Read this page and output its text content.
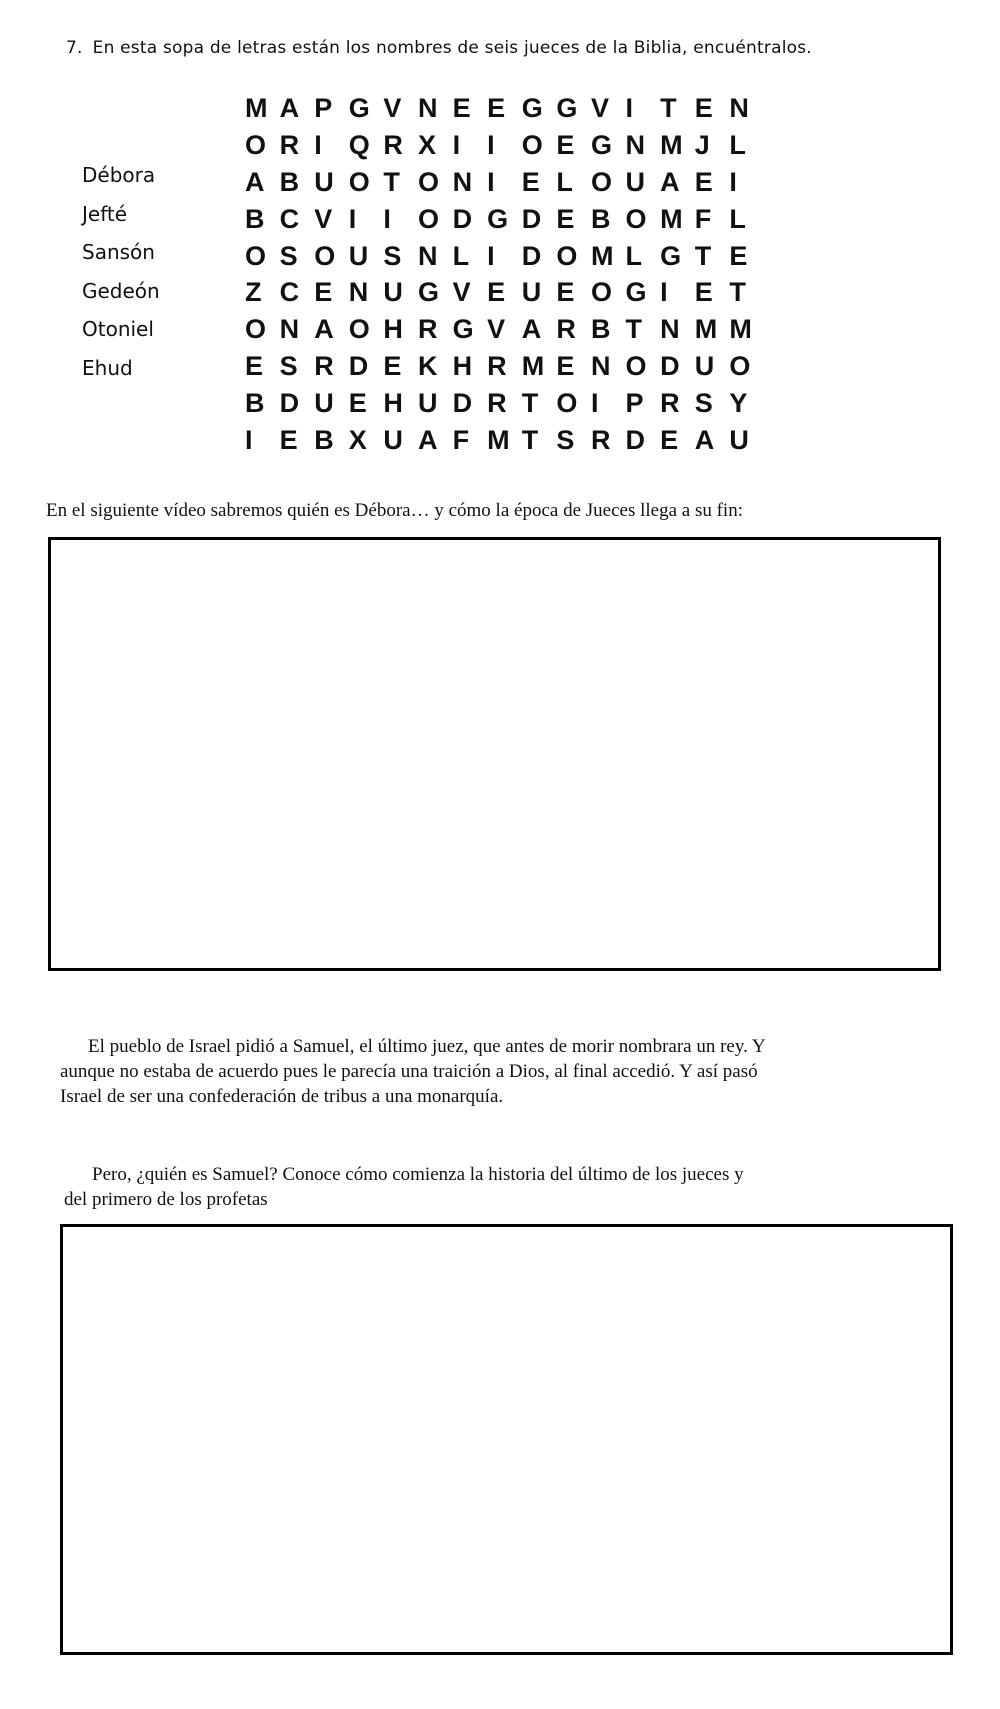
7. En esta sopa de letras están los nombres de seis jueces de la Biblia, encuéntralos.
Débora
Jefté
Sansón
Gedeón
Otoniel
Ehud
M A P G V N E E G G V I	T E N
O R I	Q R X I	I	O E G N M J L
A B U O T O N I	E L O U A E I
B C V I	I	O D G D E B O M F L
O S O U S N L I	D O M L G T E
Z C E N U G V E U E O G I	E T
O N A O H R G V A R B T N M M
E S R D E K H R M E N O D U O
B D U E H U D R T O I	P R S Y
I	E B X U A F M T S R D E A U
En el siguiente vídeo sabremos quién es Débora… y cómo la época de Jueces llega a su fin:
El pueblo de Israel pidió a Samuel, el último juez, que antes de morir nombrara un rey. Y
aunque no estaba de acuerdo pues le parecía una traición a Dios, al final accedió. Y así pasó
Israel de ser una confederación de tribus a una monarquía.
Pero, ¿quién es Samuel? Conoce cómo comienza la historia del último de los jueces y
del primero de los profetas
